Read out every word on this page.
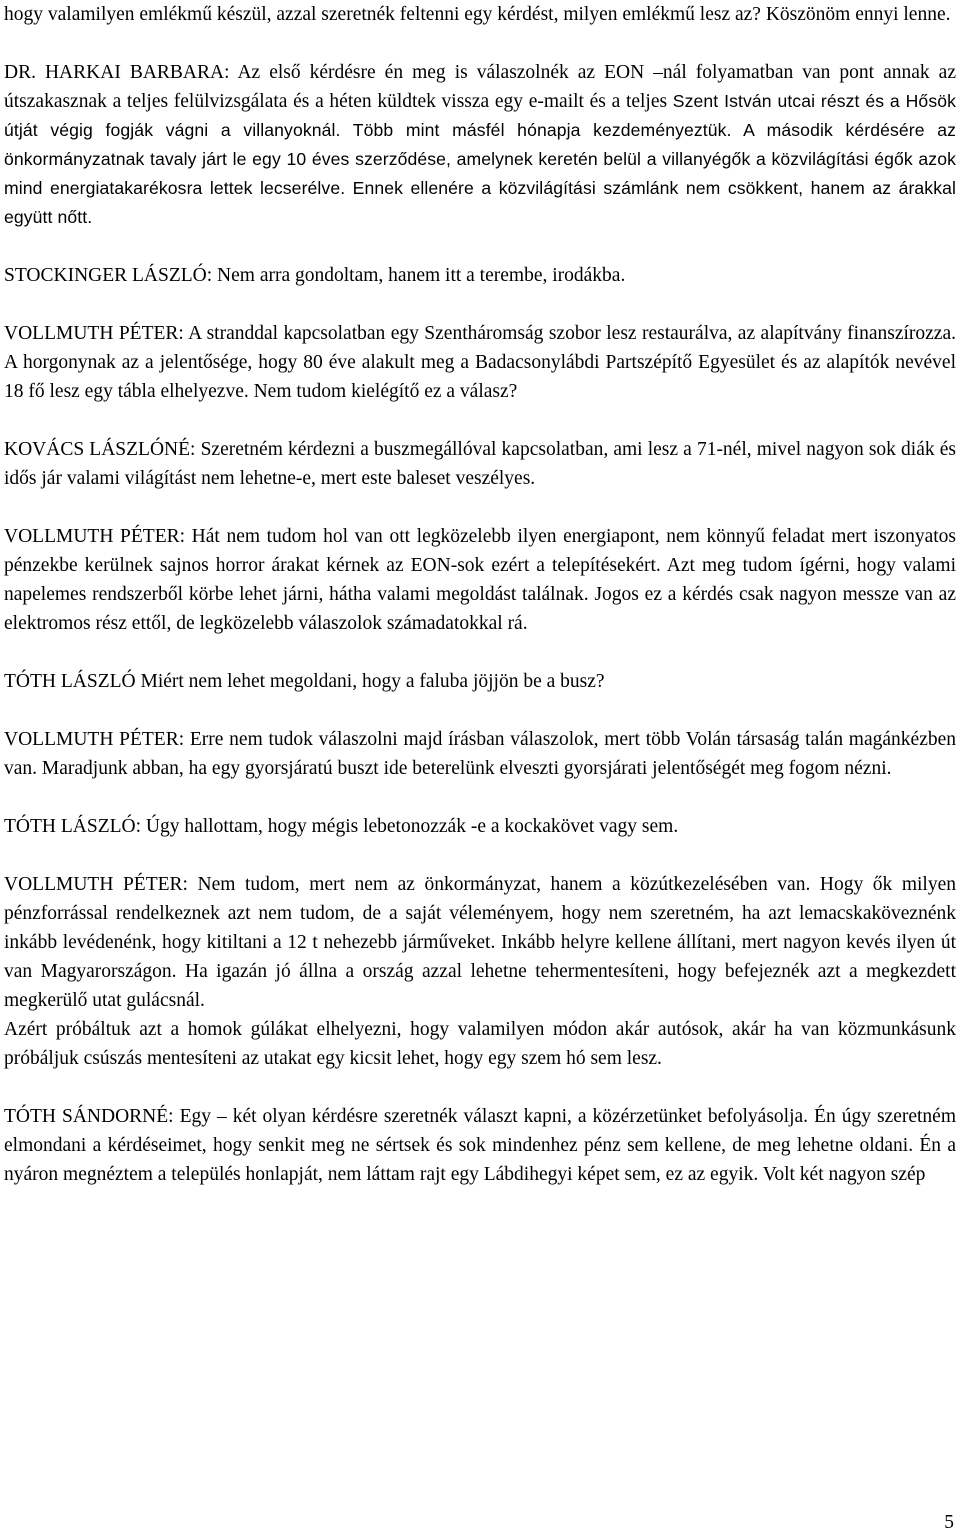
hogy valamilyen emlékmű készül, azzal szeretnék feltenni egy kérdést, milyen emlékmű lesz az? Köszönöm ennyi lenne.

DR. HARKAI BARBARA: Az első kérdésre én meg is válaszolnék az EON –nál folyamatban van pont annak az útszakasznak a teljes felülvizsgálata és a héten küldtek vissza egy e-mailt és a teljes Szent István utcai részt és a Hősök útját végig fogják vágni a villanyoknál. Több mint másfél hónapja kezdeményeztük. A második kérdésére az önkormányzatnak tavaly járt le egy 10 éves szerződése, amelynek keretén belül a villanyégők a közvilágítási égők azok mind energiatakarékosra lettek lecserélve. Ennek ellenére a közvilágítási számlánk nem csökkent, hanem az árakkal együtt nőtt.

STOCKINGER LÁSZLÓ: Nem arra gondoltam, hanem itt a terembe, irodákba.

VOLLMUTH PÉTER: A stranddal kapcsolatban egy Szentháromság szobor lesz restaurálva, az alapítvány finanszírozza. A horgonynak az a jelentősége, hogy 80 éve alakult meg a Badacsonylábdi Partszépítő Egyesület és az alapítók nevével 18 fő lesz egy tábla elhelyezve. Nem tudom kielégítő ez a válasz?

KOVÁCS LÁSZLÓNÉ: Szeretném kérdezni a buszmegállóval kapcsolatban, ami lesz a 71-nél, mivel nagyon sok diák és idős jár valami világítást nem lehetne-e, mert este baleset veszélyes.

VOLLMUTH PÉTER: Hát nem tudom hol van ott legközelebb ilyen energiapont, nem könnyű feladat mert iszonyatos pénzekbe kerülnek sajnos horror árakat kérnek az EON-sok ezért a telepítésekért. Azt meg tudom ígérni, hogy valami napelemes rendszerből körbe lehet járni, hátha valami megoldást találnak. Jogos ez a kérdés csak nagyon messze van az elektromos rész ettől, de legközelebb válaszolok számadatokkal rá.

TÓTH LÁSZLÓ Miért nem lehet megoldani, hogy a faluba jöjjön be a busz?

VOLLMUTH PÉTER: Erre nem tudok válaszolni majd írásban válaszolok, mert több Volán társaság talán magánkézben van. Maradjunk abban, ha egy gyorsjáratú buszt ide beterelünk elveszti gyorsjárati jelentőségét meg fogom nézni.

TÓTH LÁSZLÓ: Úgy hallottam, hogy mégis lebetonozzák -e a kockakövet vagy sem.

VOLLMUTH PÉTER: Nem tudom, mert nem az önkormányzat, hanem a közútkezelésében van. Hogy ők milyen pénzforrással rendelkeznek azt nem tudom, de a saját véleményem, hogy nem szeretném, ha azt lemacskaköveznénk inkább levédenénk, hogy kitiltani a 12 t nehezebb járműveket. Inkább helyre kellene állítani, mert nagyon kevés ilyen út van Magyarországon. Ha igazán jó állna a ország azzal lehetne tehermentesíteni, hogy befejeznék azt a megkezdett megkerülő utat gulácsnál.

Azért próbáltuk azt a homok gúlákat elhelyezni, hogy valamilyen módon akár autósok, akár ha van közmunkásunk próbáljuk csúszás mentesíteni az utakat egy kicsit lehet, hogy egy szem hó sem lesz.

TÓTH SÁNDORNÉ: Egy – két olyan kérdésre szeretnék választ kapni, a közérzetünket befolyásolja. Én úgy szeretném elmondani a kérdéseimet, hogy senkit meg ne sértsek és sok mindenhez pénz sem kellene, de meg lehetne oldani. Én a nyáron megnéztem a település honlapját, nem láttam rajt egy Lábdihegyi képet sem, ez az egyik. Volt két nagyon szép

5
